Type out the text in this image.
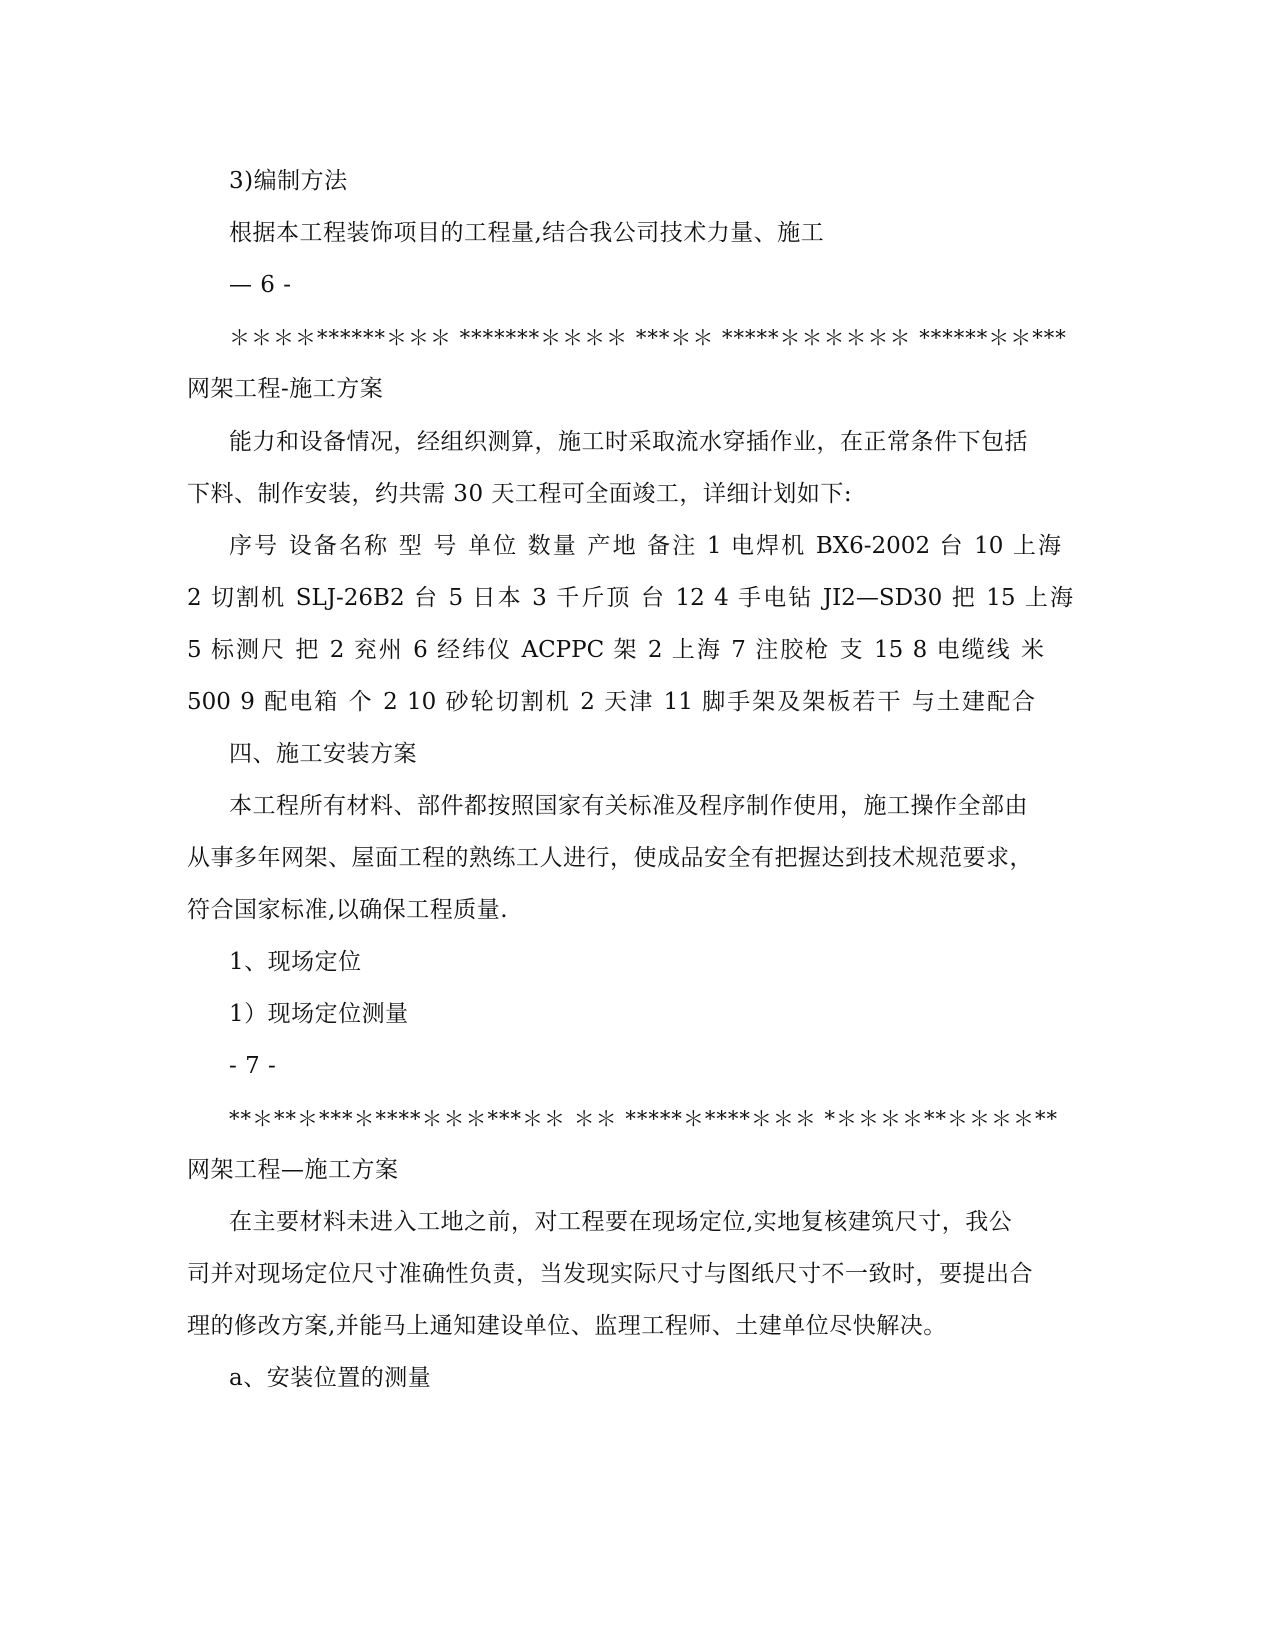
3)编制方法
根据本工程装饰项目的工程量,结合我公司技术力量、施工
— 6 -
＊＊＊＊******＊＊＊ *******＊＊＊＊ ***＊＊ *****＊＊＊＊＊＊ ******＊＊***
网架工程-施工方案
能力和设备情况，经组织测算，施工时采取流水穿插作业，在正常条件下包括
下料、制作安装，约共需 30 天工程可全面竣工，详细计划如下:
序号 设备名称 型 号 单位 数量 产地 备注 1 电焊机 BX6-2002 台 10 上海
2 切割机 SLJ-26B2 台 5 日本 3 千斤顶 台 12 4 手电钻 JI2—SD30 把 15 上海
5 标测尺 把 2 兖州 6 经纬仪 ACPPC 架 2 上海 7 注胶枪 支 15 8 电缆线 米
500 9 配电箱 个 2 10 砂轮切割机 2 天津 11 脚手架及架板若干 与土建配合
四、施工安装方案
本工程所有材料、部件都按照国家有关标准及程序制作使用，施工操作全部由
从事多年网架、屋面工程的熟练工人进行，使成品安全有把握达到技术规范要求，
符合国家标准,以确保工程质量.
1、现场定位
1）现场定位测量
- 7 -
**＊**＊***＊****＊＊＊***＊＊ ＊＊ *****＊****＊＊＊ *＊＊＊＊**＊＊＊＊**
网架工程—施工方案
在主要材料未进入工地之前，对工程要在现场定位,实地复核建筑尺寸，我公
司并对现场定位尺寸准确性负责，当发现实际尺寸与图纸尺寸不一致时，要提出合
理的修改方案,并能马上通知建设单位、监理工程师、土建单位尽快解决。
a、安装位置的测量
